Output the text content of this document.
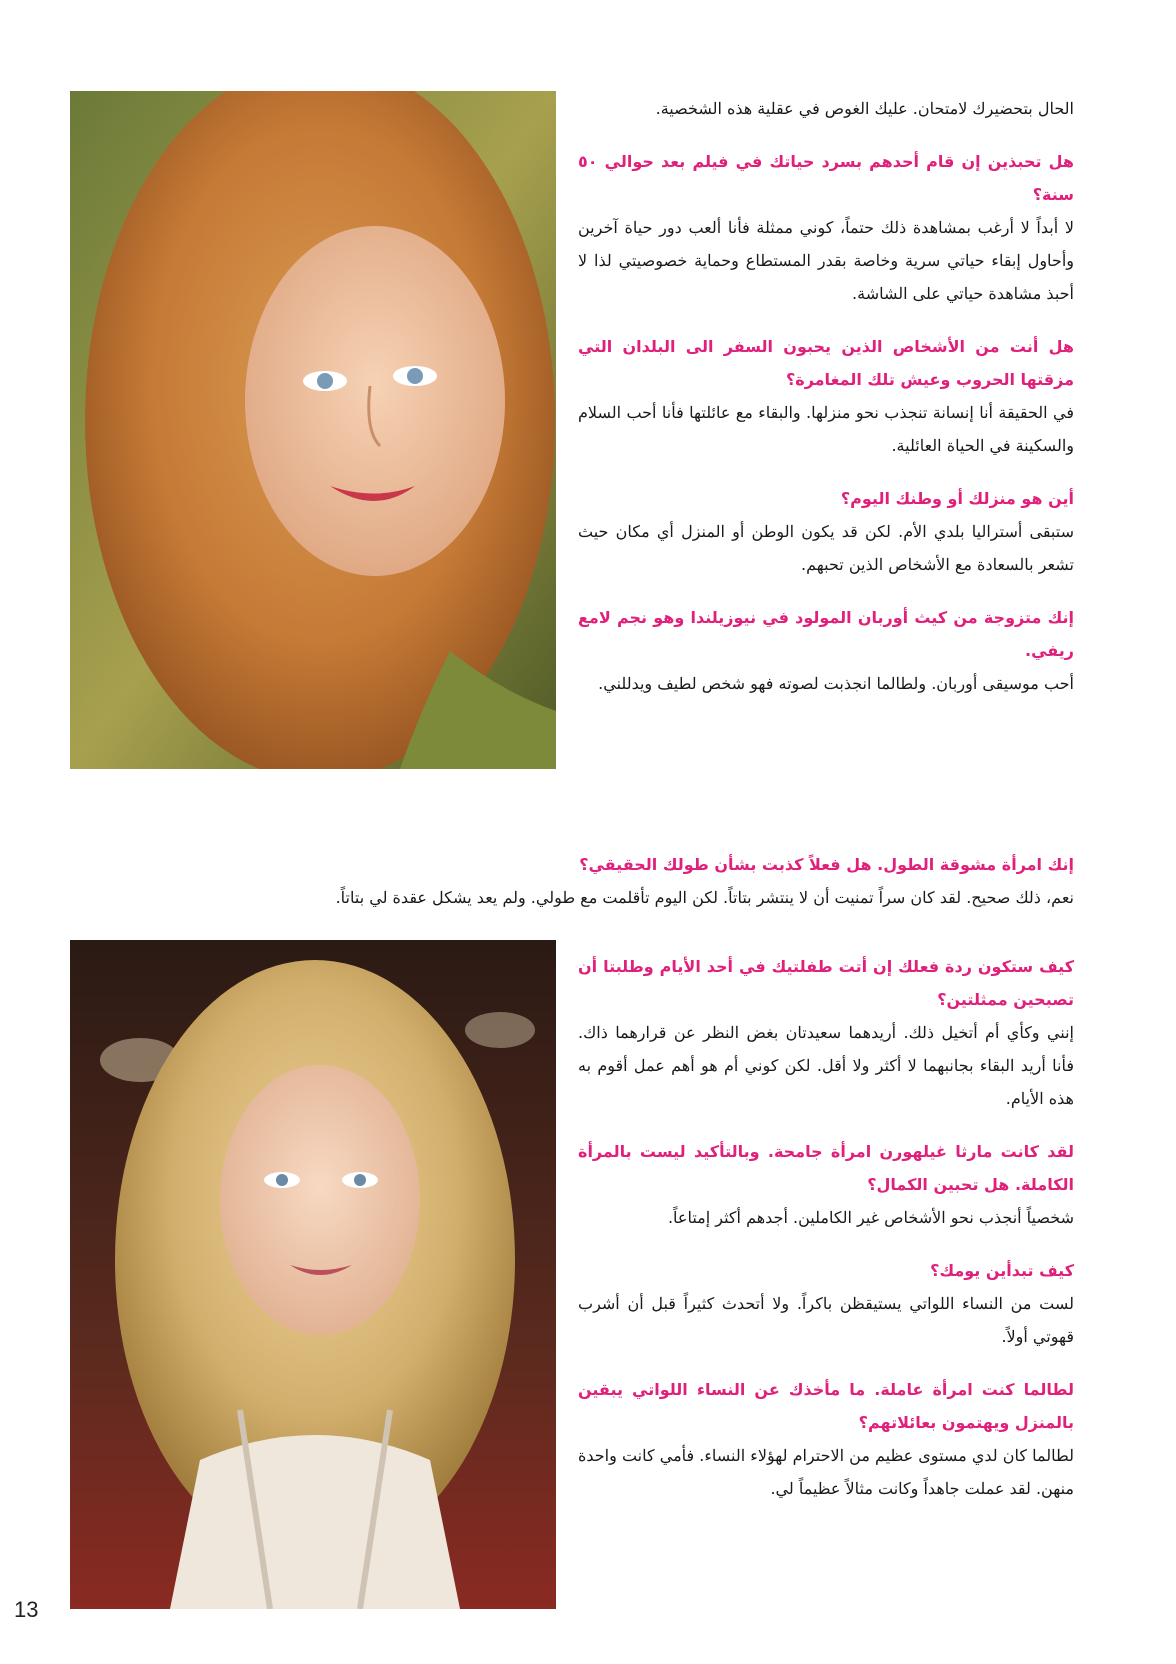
الحال بتحضيرك لامتحان. عليك الغوص في عقلية هذه الشخصية.

هل تحبذين إن قام أحدهم بسرد حياتك في فيلم بعد حوالي ٥٠ سنة؟

لا أبداً لا أرغب بمشاهدة ذلك حتماً، كوني ممثلة فأنا ألعب دور حياة آخرين وأحاول إبقاء حياتي سرية وخاصة بقدر المستطاع وحماية خصوصيتي لذا لا أحبذ مشاهدة حياتي على الشاشة.

هل أنت من الأشخاص الذين يحبون السفر الى البلدان التي مزقتها الحروب وعيش تلك المغامرة؟

في الحقيقة أنا إنسانة تنجذب نحو منزلها. والبقاء مع عائلتها فأنا أحب السلام والسكينة في الحياة العائلية.

أين هو منزلك أو وطنك اليوم؟

ستبقى أستراليا بلدي الأم. لكن قد يكون الوطن أو المنزل أي مكان حيث تشعر بالسعادة مع الأشخاص الذين تحبهم.

إنك متزوجة من كيث أوربان المولود في نيوزيلندا وهو نجم لامع ريفي.

أحب موسيقى أوربان. ولطالما انجذبت لصوته فهو شخص لطيف ويدللني.

إنك امرأة مشوقة الطول. هل فعلاً كذبت بشأن طولك الحقيقي؟

نعم، ذلك صحيح. لقد كان سراً تمنيت أن لا ينتشر بتاتاً. لكن اليوم تأقلمت مع طولي. ولم يعد يشكل عقدة لي بتاتاً.

كيف ستكون ردة فعلك إن أتت طفلتيك في أحد الأيام وطلبتا أن تصبحين ممثلتين؟

إنني وكأي أم أتخيل ذلك. أريدهما سعيدتان بغض النظر عن قرارهما ذاك. فأنا أريد البقاء بجانبهما لا أكثر ولا أقل. لكن كوني أم هو أهم عمل أقوم به هذه الأيام.

لقد كانت مارثا غيلهورن امرأة جامحة. وبالتأكيد ليست بالمرأة الكاملة. هل تحبين الكمال؟

شخصياً أنجذب نحو الأشخاص غير الكاملين. أجدهم أكثر إمتاعاً.

كيف تبدأين يومك؟

لست من النساء اللواتي يستيقظن باكراً. ولا أتحدث كثيراً قبل أن أشرب قهوتي أولاً.

لطالما كنت امرأة عاملة. ما مأخذك عن النساء اللواتي يبقين بالمنزل ويهتمون بعائلاتهم؟

لطالما كان لدي مستوى عظيم من الاحترام لهؤلاء النساء. فأمي كانت واحدة منهن. لقد عملت جاهداً وكانت مثالاً عظيماً لي.

13
